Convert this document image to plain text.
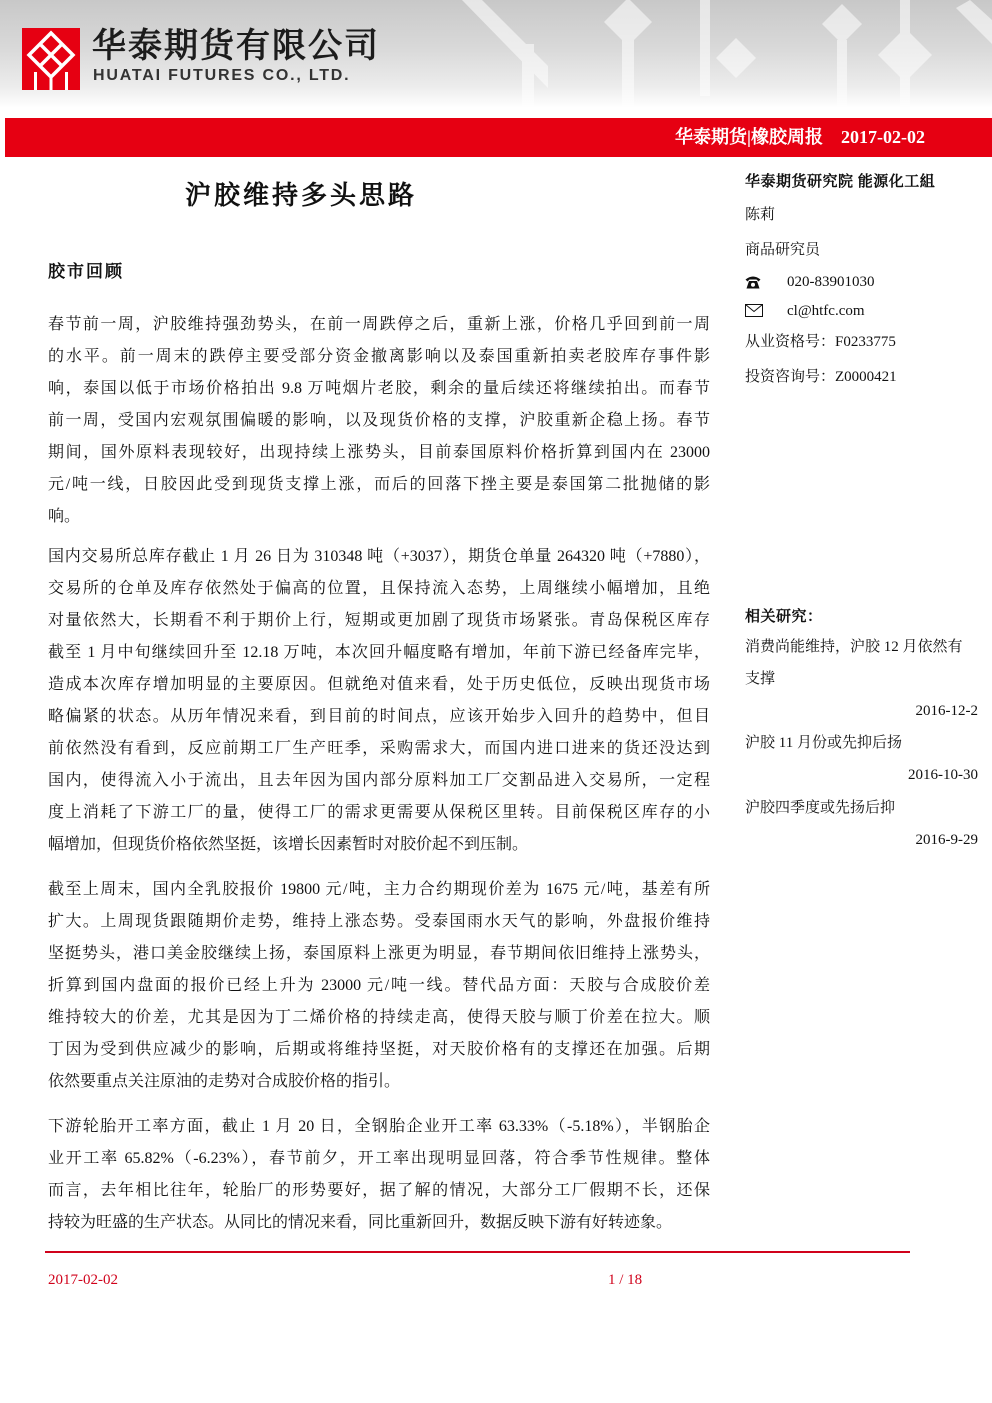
华泰期货有限公司
HUATAI FUTURES CO., LTD.
华泰期货|橡胶周报 2017-02-02
沪胶维持多头思路
胶市回顾
春节前一周，沪胶维持强劲势头，在前一周跌停之后，重新上涨，价格几乎回到前一周
的水平。前一周末的跌停主要受部分资金撤离影响以及泰国重新拍卖老胶库存事件影
响，泰国以低于市场价格拍出 9.8 万吨烟片老胶，剩余的量后续还将继续拍出。而春节
前一周，受国内宏观氛围偏暖的影响，以及现货价格的支撑，沪胶重新企稳上扬。春节
期间，国外原料表现较好，出现持续上涨势头，目前泰国原料价格折算到国内在 23000
元/吨一线，日胶因此受到现货支撑上涨，而后的回落下挫主要是泰国第二批抛储的影
响。
国内交易所总库存截止 1 月 26 日为 310348 吨（+3037），期货仓单量 264320 吨（+7880），
交易所的仓单及库存依然处于偏高的位置，且保持流入态势，上周继续小幅增加，且绝
对量依然大，长期看不利于期价上行，短期或更加剧了现货市场紧张。青岛保税区库存
截至 1 月中旬继续回升至 12.18 万吨，本次回升幅度略有增加，年前下游已经备库完毕，
造成本次库存增加明显的主要原因。但就绝对值来看，处于历史低位，反映出现货市场
略偏紧的状态。从历年情况来看，到目前的时间点，应该开始步入回升的趋势中，但目
前依然没有看到，反应前期工厂生产旺季，采购需求大，而国内进口进来的货还没达到
国内，使得流入小于流出，且去年因为国内部分原料加工厂交割品进入交易所，一定程
度上消耗了下游工厂的量，使得工厂的需求更需要从保税区里转。目前保税区库存的小
幅增加，但现货价格依然坚挺，该增长因素暂时对胶价起不到压制。
截至上周末，国内全乳胶报价 19800 元/吨，主力合约期现价差为 1675 元/吨，基差有所
扩大。上周现货跟随期价走势，维持上涨态势。受泰国雨水天气的影响，外盘报价维持
坚挺势头，港口美金胶继续上扬，泰国原料上涨更为明显，春节期间依旧维持上涨势头，
折算到国内盘面的报价已经上升为 23000 元/吨一线。替代品方面：天胶与合成胶价差
维持较大的价差，尤其是因为丁二烯价格的持续走高，使得天胶与顺丁价差在拉大。顺
丁因为受到供应减少的影响，后期或将维持坚挺，对天胶价格有的支撑还在加强。后期
依然要重点关注原油的走势对合成胶价格的指引。
下游轮胎开工率方面，截止 1 月 20 日，全钢胎企业开工率 63.33%（-5.18%），半钢胎企
业开工率 65.82%（-6.23%），春节前夕，开工率出现明显回落，符合季节性规律。整体
而言，去年相比往年，轮胎厂的形势要好，据了解的情况，大部分工厂假期不长，还保
持较为旺盛的生产状态。从同比的情况来看，同比重新回升，数据反映下游有好转迹象。
华泰期货研究院 能源化工組
陈莉
商品研究员
020-83901030
cl@htfc.com
从业资格号：F0233775
投资咨询号：Z0000421
相关研究：
消费尚能维持，沪胶 12 月依然有
支撑
2016-12-2
沪胶 11 月份或先抑后扬
2016-10-30
沪胶四季度或先扬后抑
2016-9-29
2017-02-02	1 / 18
